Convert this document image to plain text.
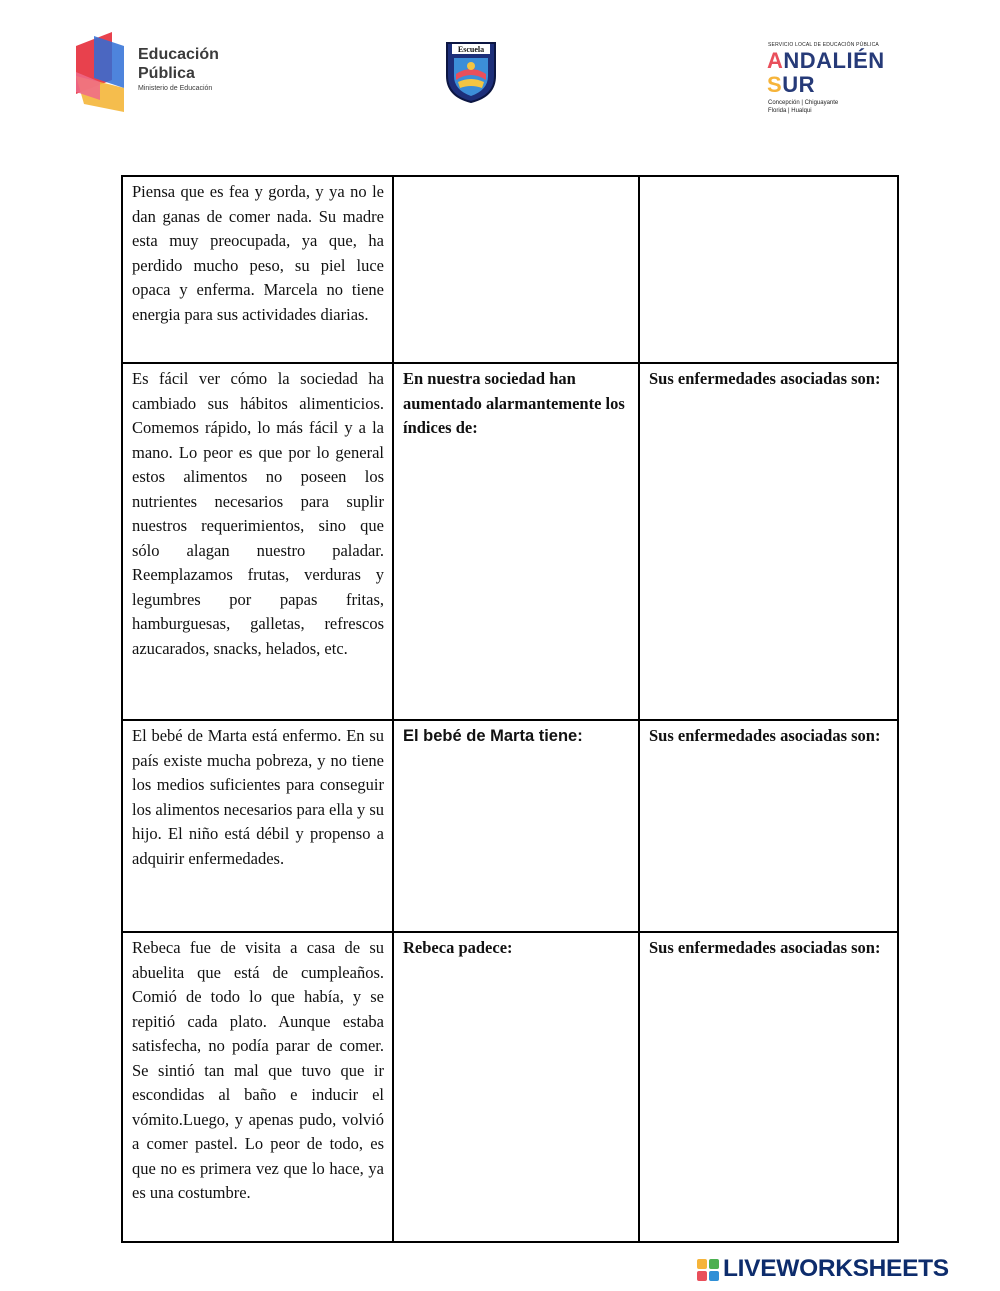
Educación
Pública
Ministerio de Educación
Escuela	SERVICIO LOCAL DE EDUCACIÓN PÚBLICA
ANDALIÉN
SUR
Concepción | Chiguayante
Florida | Hualqui
Piensa que es fea y gorda, y ya no le dan ganas de comer nada. Su madre esta muy preocupada, ya que, ha perdido mucho peso, su piel luce opaca y enferma. Marcela no tiene energia para sus actividades diarias.		
Es fácil ver cómo la sociedad ha cambiado sus hábitos alimenticios. Comemos rápido, lo más fácil y a la mano. Lo peor es que por lo general estos alimentos no poseen los nutrientes necesarios para suplir nuestros requerimientos, sino que sólo alagan nuestro paladar. Reemplazamos frutas, verduras y legumbres por papas fritas, hamburguesas, galletas, refrescos azucarados, snacks, helados, etc.	En nuestra sociedad han aumentado alarmantemente los índices de:	Sus enfermedades asociadas son:
El bebé de Marta está enfermo. En su país existe mucha pobreza, y no tiene los medios suficientes para conseguir los alimentos necesarios para ella y su hijo. El niño está débil y propenso a adquirir enfermedades.	El bebé de Marta tiene:	Sus enfermedades asociadas son:
Rebeca fue de visita a casa de su abuelita que está de cumpleaños. Comió de todo lo que había, y se repitió cada plato. Aunque estaba satisfecha, no podía parar de comer. Se sintió tan mal que tuvo que ir escondidas al baño e inducir el vómito.Luego, y apenas pudo, volvió a comer pastel. Lo peor de todo, es que no es primera vez que lo hace, ya es una costumbre.	Rebeca padece:	Sus enfermedades asociadas son:
LIVEWORKSHEETS
